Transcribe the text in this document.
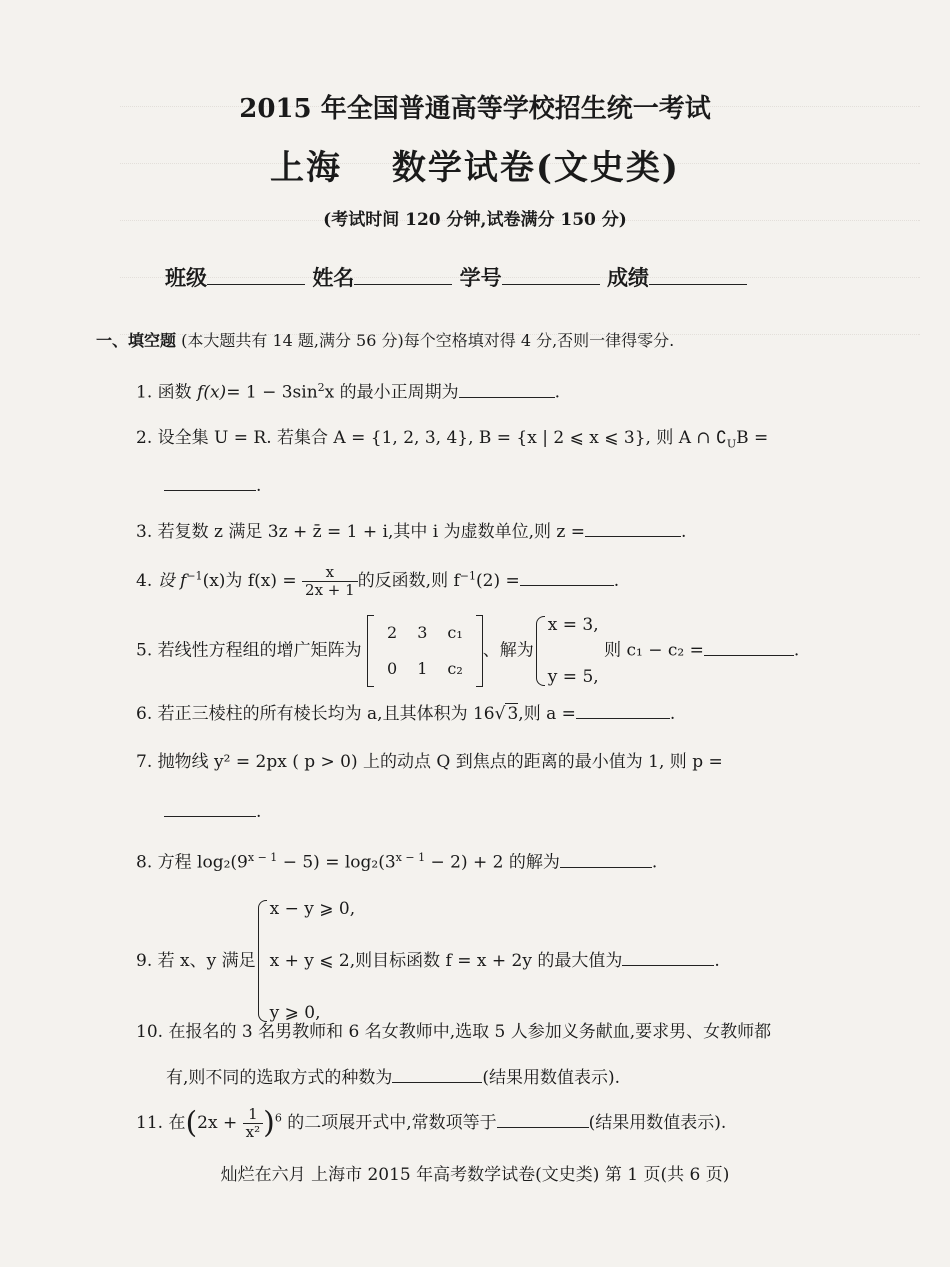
2015 年全国普通高等学校招生统一考试
上海 数学试卷(文史类)
(考试时间 120 分钟,试卷满分 150 分)
班级	姓名	学号	成绩
一、填空题 (本大题共有 14 题,满分 56 分)每个空格填对得 4 分,否则一律得零分.
1. 函数 $f(x)= 1 - 3\sin^2x$ 的最小正周期为	.
2. 设全集 U = R. 若集合 A = {1, 2, 3, 4}, B = {x | 2 ⩽ x ⩽ 3}, 则 A ∩ $∁_UB$ =
.
3. 若复数 z 满足 3z + z̄ = 1 + i,其中 i 为虚数单位,则 z =	.
4. 设 $f^{-1}(x)$为 $f(x) = \frac{x}{2x + 1}$ 的反函数,则 $f^{-1}(2)$ =	.
5. 若线性方程组的增广矩阵为
2	3	c₁
0	1	c₂
、解为
x = 3,

y = 5,
则 c₁ − c₂ =	.
6. 若正三棱柱的所有棱长均为 a,且其体积为 16√ 3,则 a =	.
7. 抛物线 y² = 2px ( p > 0) 上的动点 Q 到焦点的距离的最小值为 1, 则 p =
.
8. 方程 $\log_2(9^{x - 1} - 5) = \log_2(3^{x - 1} - 2) + 2$ 的解为	.
9. 若 x、y 满足
x − y ⩾ 0,

x + y ⩽ 2,则目标函数 f = x + 2y 的最大值为	.

y ⩾ 0,
10. 在报名的 3 名男教师和 6 名女教师中,选取 5 人参加义务献血,要求男、女教师都
有,则不同的选取方式的种数为	(结果用数值表示).
11. 在$(2x + \frac{1}{\text{x²}} )^6$ 的二项展开式中,常数项等于	(结果用数值表示).
灿烂在六月 上海市 2015 年高考数学试卷(文史类) 第 1 页(共 6 页)
